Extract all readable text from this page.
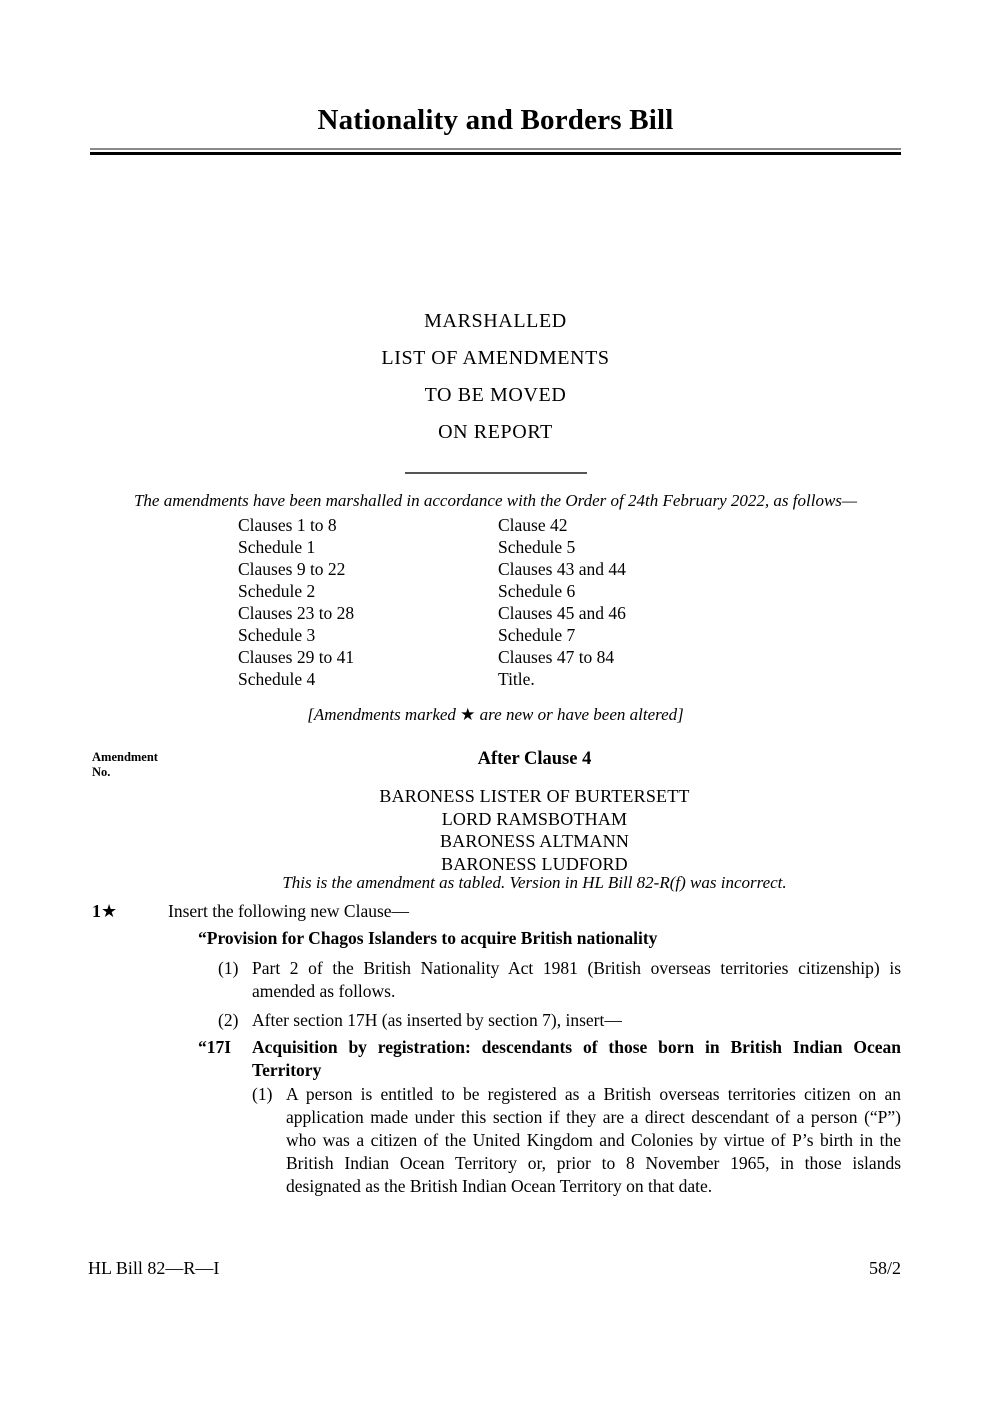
Nationality and Borders Bill
MARSHALLED
LIST OF AMENDMENTS
TO BE MOVED
ON REPORT
The amendments have been marshalled in accordance with the Order of 24th February 2022, as follows—
Clauses 1 to 8	Clause 42
Schedule 1	Schedule 5
Clauses 9 to 22	Clauses 43 and 44
Schedule 2	Schedule 6
Clauses 23 to 28	Clauses 45 and 46
Schedule 3	Schedule 7
Clauses 29 to 41	Clauses 47 to 84
Schedule 4	Title.
[Amendments marked ★ are new or have been altered]
Amendment
No.
After Clause 4
BARONESS LISTER OF BURTERSETT
LORD RAMSBOTHAM
BARONESS ALTMANN
BARONESS LUDFORD
This is the amendment as tabled. Version in HL Bill 82-R(f) was incorrect.
1★	Insert the following new Clause—
“Provision for Chagos Islanders to acquire British nationality
(1) Part 2 of the British Nationality Act 1981 (British overseas territories citizenship) is amended as follows.
(2) After section 17H (as inserted by section 7), insert—
“17I	Acquisition by registration: descendants of those born in British Indian Ocean Territory
(1) A person is entitled to be registered as a British overseas territories citizen on an application made under this section if they are a direct descendant of a person (“P”) who was a citizen of the United Kingdom and Colonies by virtue of P’s birth in the British Indian Ocean Territory or, prior to 8 November 1965, in those islands designated as the British Indian Ocean Territory on that date.
HL Bill 82—R—I	58/2
